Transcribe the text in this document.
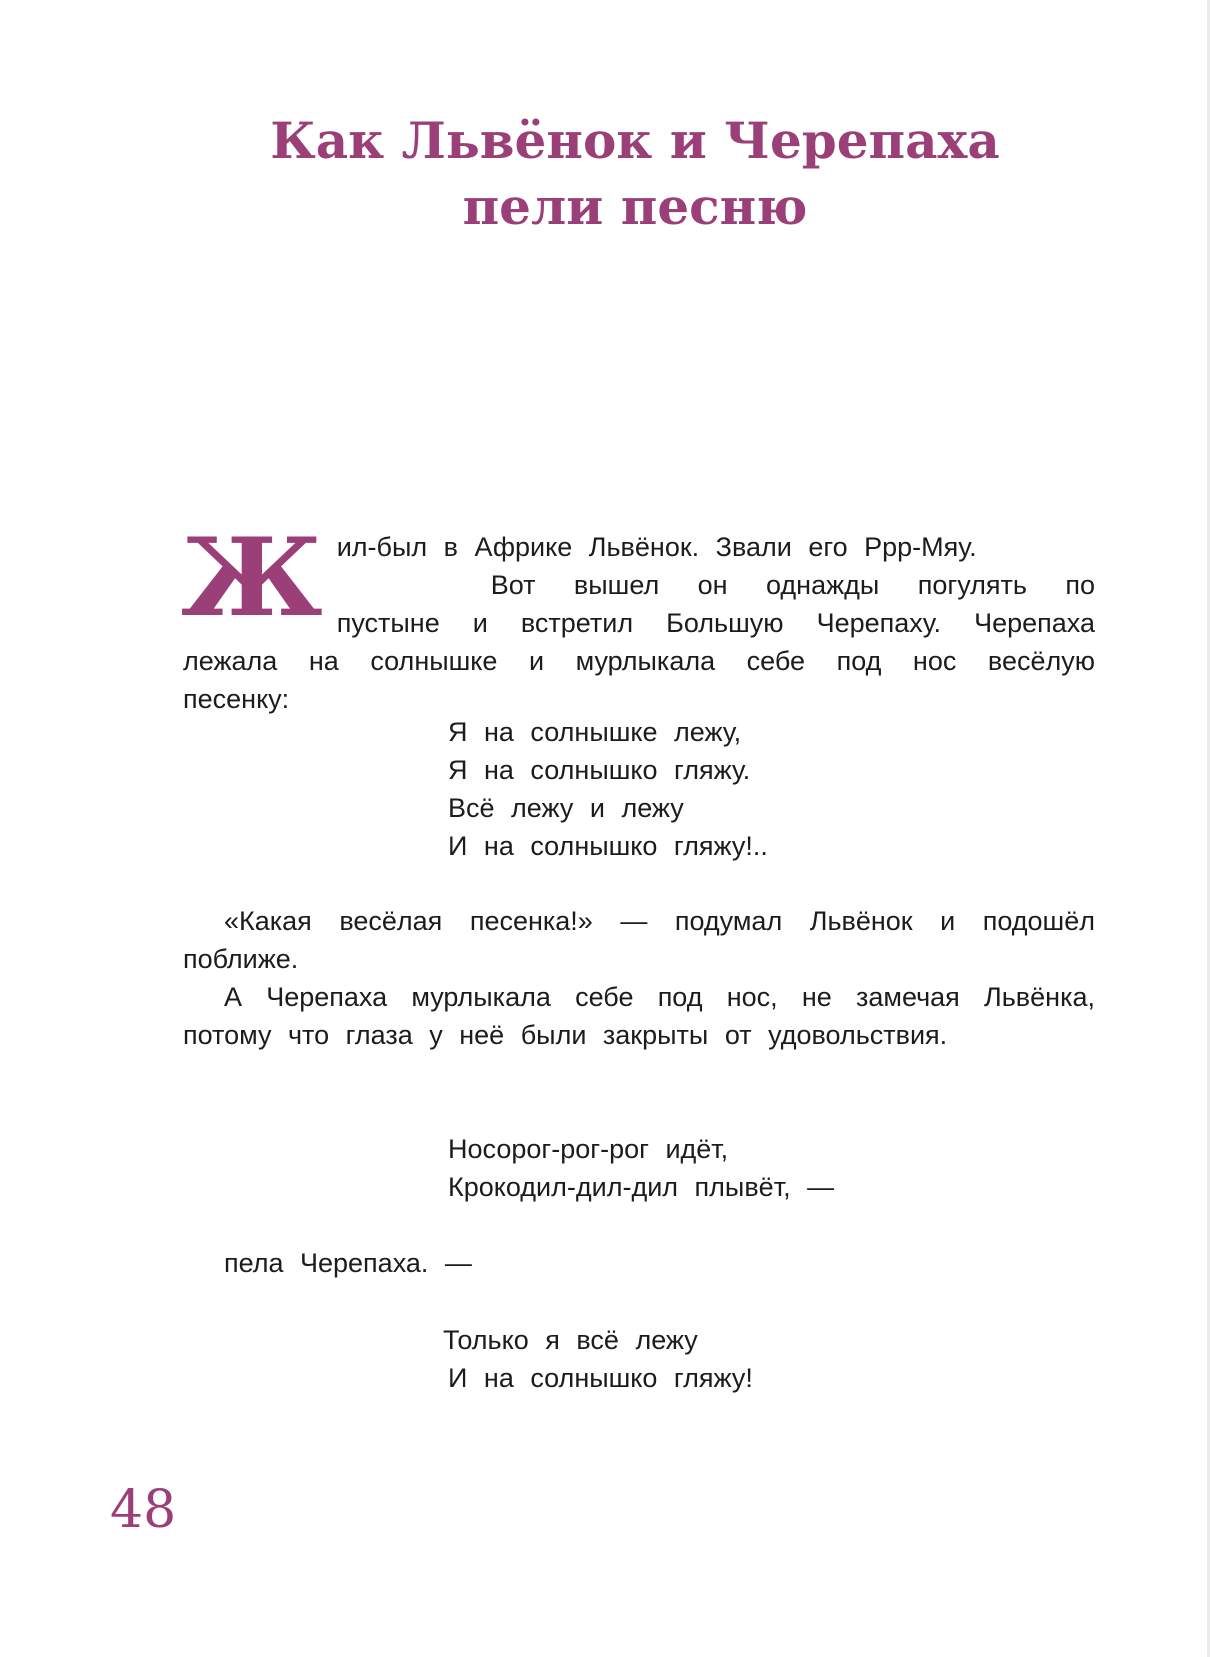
Как Львёнок и Черепаха
пели песню

Жил-был в Африке Львёнок. Звали его Ррр-Мяу.
Вот вышел он однажды погулять по пустыне и встретил Большую Черепаху. Черепаха лежала на солнышке и мурлыкала себе под нос весёлую песенку:

Я на солнышке лежу,
Я на солнышко гляжу.
Всё лежу и лежу
И на солнышко гляжу!..

«Какая весёлая песенка!» — подумал Львёнок и подошёл поближе.

А Черепаха мурлыкала себе под нос, не замечая Львёнка, потому что глаза у неё были закрыты от удовольствия.

Носорог-рог-рог идёт,
Крокодил-дил-дил плывёт, —
пела Черепаха. —
Только я всё лежу
И на солнышко гляжу!
48
